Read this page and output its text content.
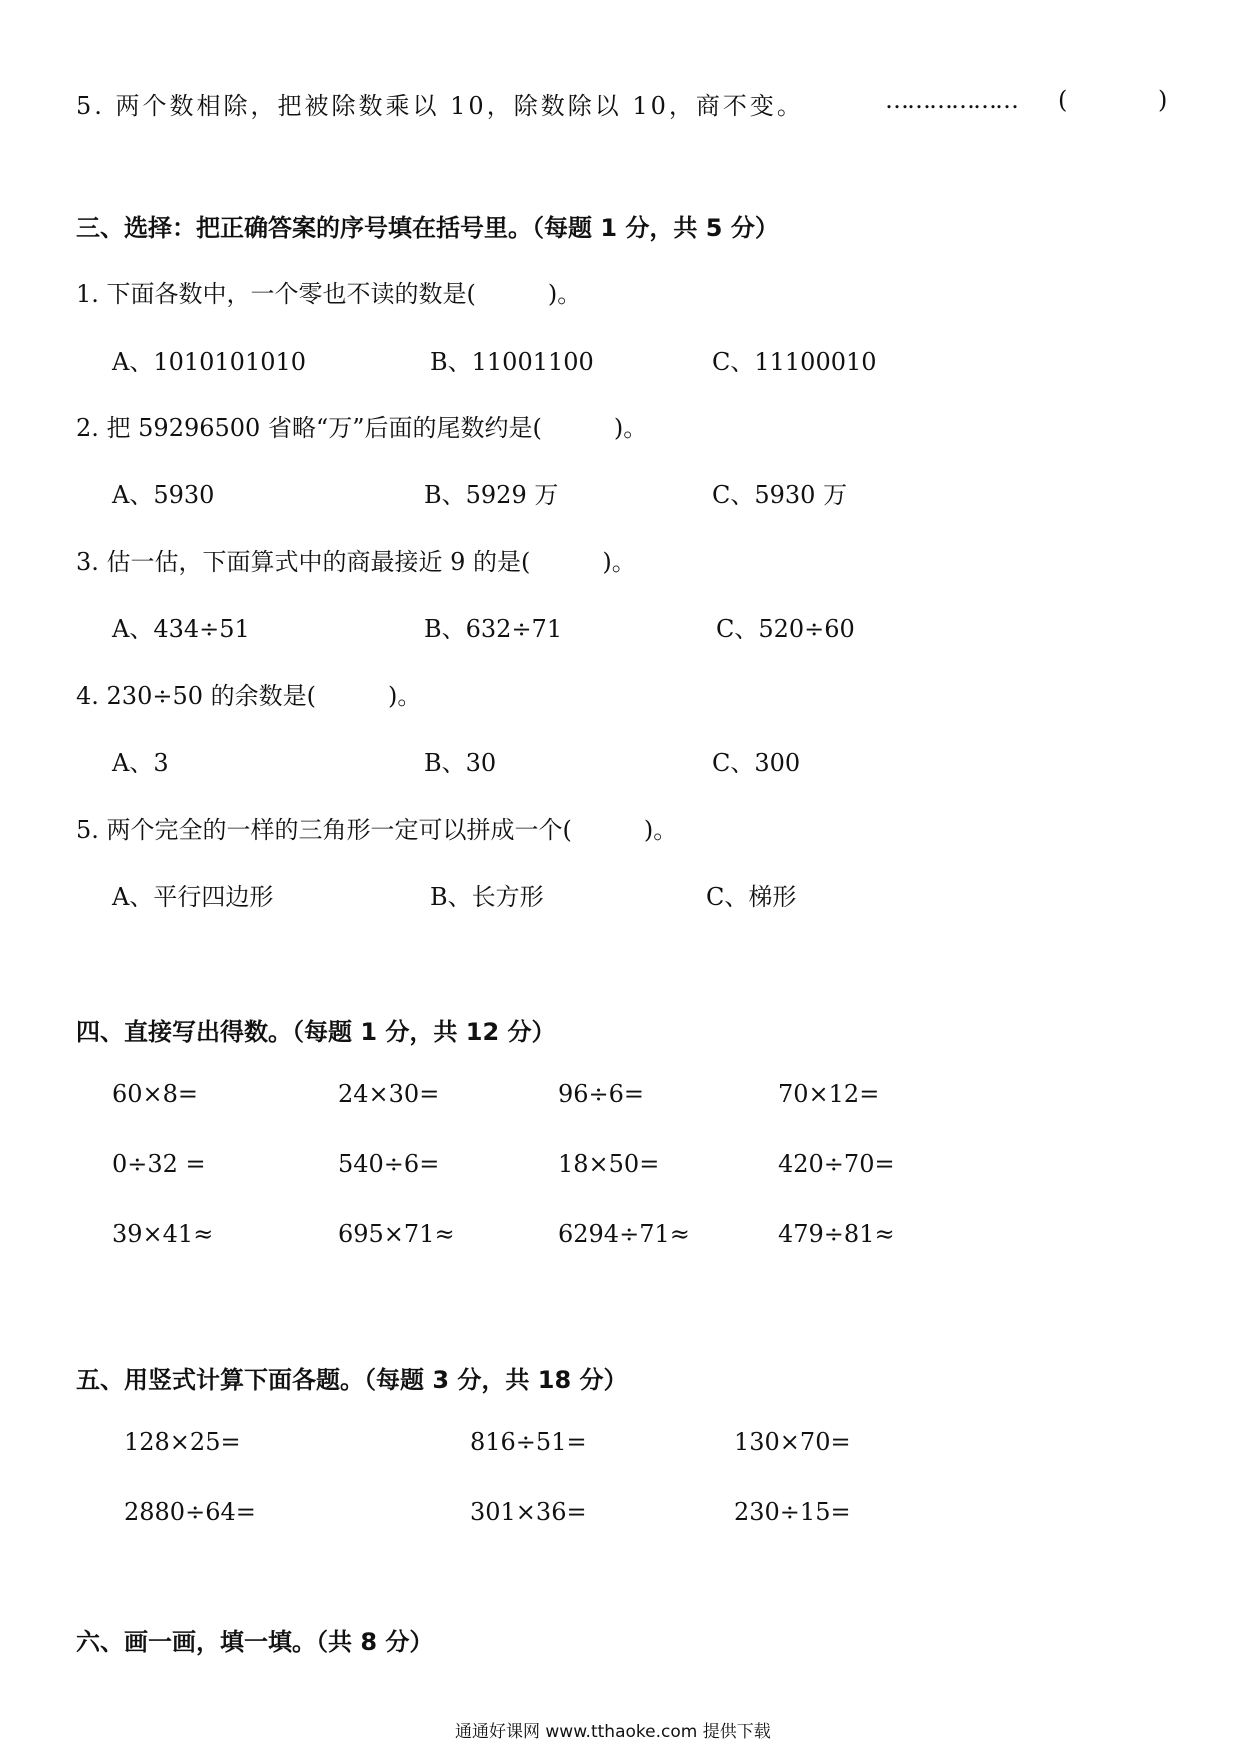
5. 两个数相除，把被除数乘以 10，除数除以 10，商不变。	……………… (	)
三、选择：把正确答案的序号填在括号里。（每题 1 分，共 5 分）
1. 下面各数中，一个零也不读的数是(　　　)。
A、1010101010	B、11001100	C、11100010
2. 把 59296500 省略“万”后面的尾数约是(　　　)。
A、5930	B、5929 万	C、5930 万
3. 估一估，下面算式中的商最接近 9 的是(　　　)。
A、434÷51	B、632÷71	C、520÷60
4. 230÷50 的余数是(　　　)。
A、3	B、30	C、300
5. 两个完全的一样的三角形一定可以拼成一个(　　　)。
A、平行四边形	B、长方形	C、梯形
四、直接写出得数。（每题 1 分，共 12 分）
60×8=	24×30=	96÷6=	70×12=
0÷32 =	540÷6=	18×50=	420÷70=
39×41≈	695×71≈	6294÷71≈	479÷81≈
五、用竖式计算下面各题。（每题 3 分，共 18 分）
128×25=	816÷51=	130×70=
2880÷64=	301×36=	230÷15=
六、画一画，填一填。（共 8 分）
通通好课网 www.tthaoke.com 提供下载
